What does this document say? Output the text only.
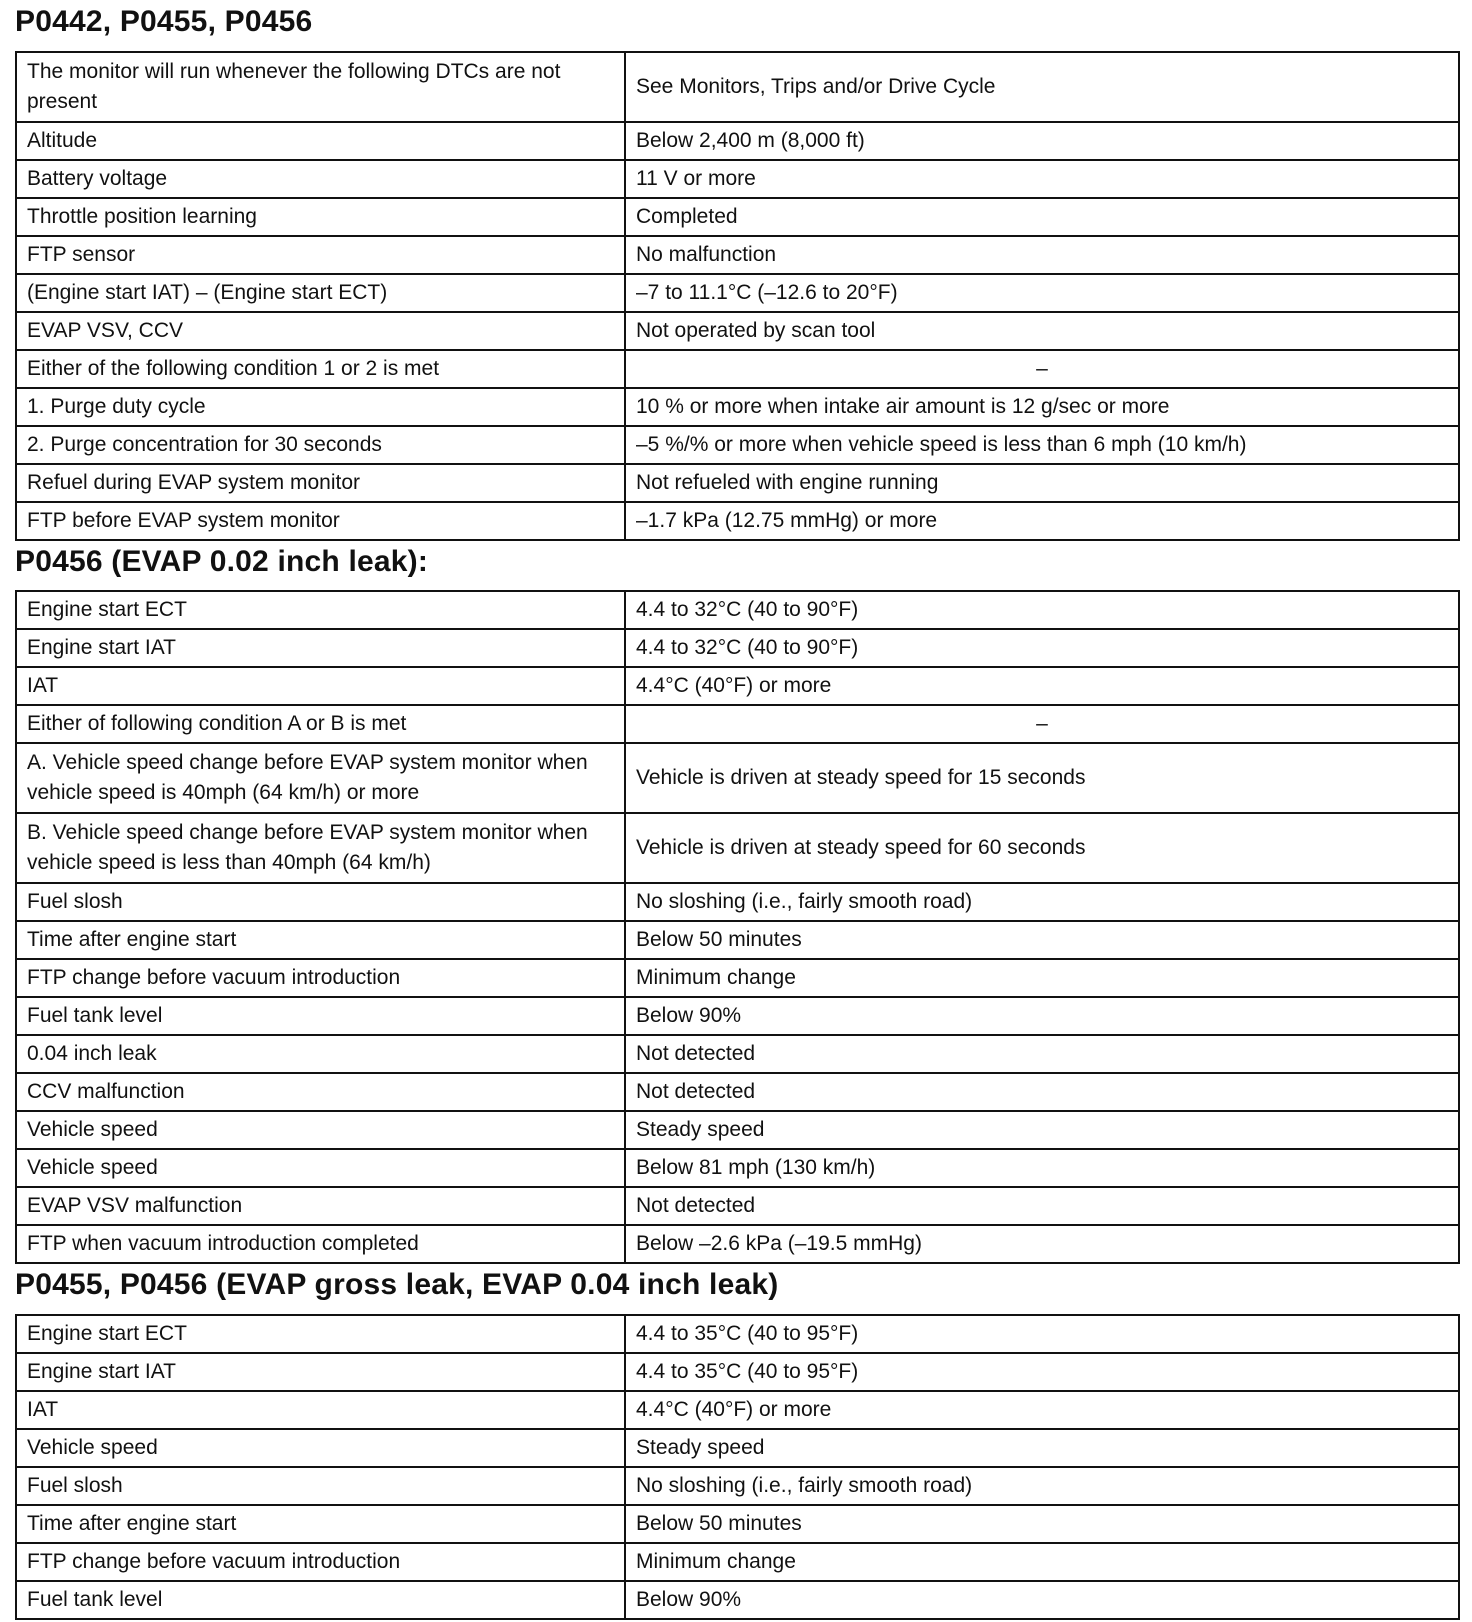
P0442, P0455, P0456
The monitor will run whenever the following DTCs are not present	See Monitors, Trips and/or Drive Cycle
Altitude	Below 2,400 m (8,000 ft)
Battery voltage	11 V or more
Throttle position learning	Completed
FTP sensor	No malfunction
(Engine start IAT) – (Engine start ECT)	–7 to 11.1°C (–12.6 to 20°F)
EVAP VSV, CCV	Not operated by scan tool
Either of the following condition 1 or 2 is met	–
1. Purge duty cycle	10 % or more when intake air amount is 12 g/sec or more
2. Purge concentration for 30 seconds	–5 %/% or more when vehicle speed is less than 6 mph (10 km/h)
Refuel during EVAP system monitor	Not refueled with engine running
FTP before EVAP system monitor	–1.7 kPa (12.75 mmHg) or more
P0456 (EVAP 0.02 inch leak):
Engine start ECT	4.4 to 32°C (40 to 90°F)
Engine start IAT	4.4 to 32°C (40 to 90°F)
IAT	4.4°C (40°F) or more
Either of following condition A or B is met	–
A. Vehicle speed change before EVAP system monitor when vehicle speed is 40mph (64 km/h) or more	Vehicle is driven at steady speed for 15 seconds
B. Vehicle speed change before EVAP system monitor when vehicle speed is less than 40mph (64 km/h)	Vehicle is driven at steady speed for 60 seconds
Fuel slosh	No sloshing (i.e., fairly smooth road)
Time after engine start	Below 50 minutes
FTP change before vacuum introduction	Minimum change
Fuel tank level	Below 90%
0.04 inch leak	Not detected
CCV malfunction	Not detected
Vehicle speed	Steady speed
Vehicle speed	Below 81 mph (130 km/h)
EVAP VSV malfunction	Not detected
FTP when vacuum introduction completed	Below –2.6 kPa (–19.5 mmHg)
P0455, P0456 (EVAP gross leak, EVAP 0.04 inch leak)
Engine start ECT	4.4 to 35°C (40 to 95°F)
Engine start IAT	4.4 to 35°C (40 to 95°F)
IAT	4.4°C (40°F) or more
Vehicle speed	Steady speed
Fuel slosh	No sloshing (i.e., fairly smooth road)
Time after engine start	Below 50 minutes
FTP change before vacuum introduction	Minimum change
Fuel tank level	Below 90%
